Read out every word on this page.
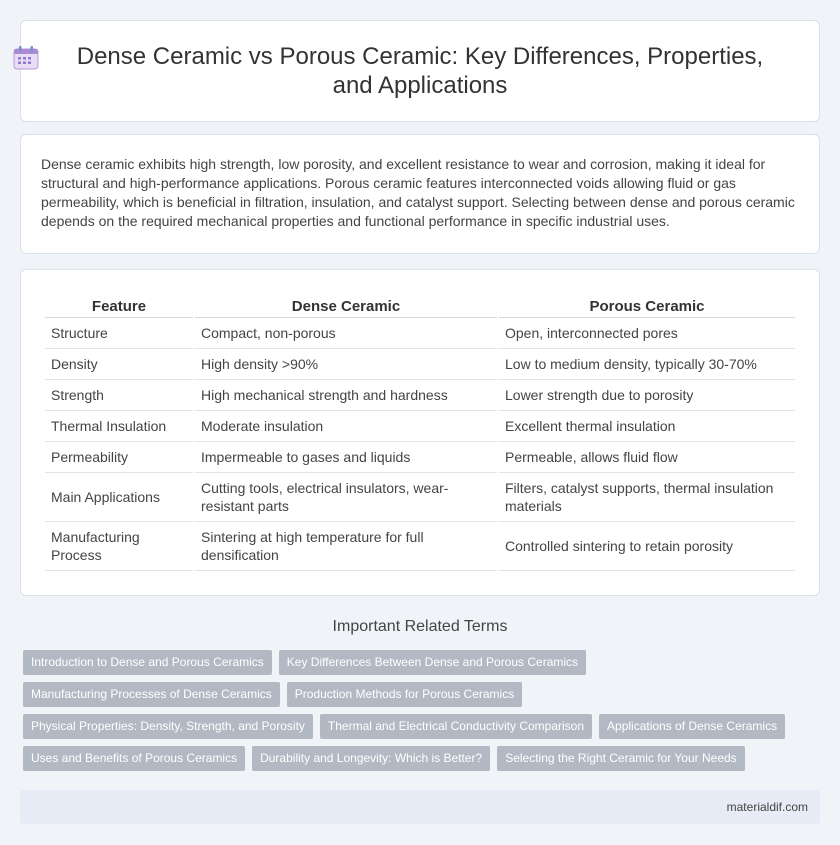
Dense Ceramic vs Porous Ceramic: Key Differences, Properties, and Applications

Dense ceramic exhibits high strength, low porosity, and excellent resistance to wear and corrosion, making it ideal for structural and high-performance applications. Porous ceramic features interconnected voids allowing fluid or gas permeability, which is beneficial in filtration, insulation, and catalyst support. Selecting between dense and porous ceramic depends on the required mechanical properties and functional performance in specific industrial uses.

Feature	Dense Ceramic	Porous Ceramic
Structure	Compact, non-porous	Open, interconnected pores
Density	High density >90%	Low to medium density, typically 30-70%
Strength	High mechanical strength and hardness	Lower strength due to porosity
Thermal Insulation	Moderate insulation	Excellent thermal insulation
Permeability	Impermeable to gases and liquids	Permeable, allows fluid flow
Main Applications	Cutting tools, electrical insulators, wear-resistant parts	Filters, catalyst supports, thermal insulation materials
Manufacturing Process	Sintering at high temperature for full densification	Controlled sintering to retain porosity
Important Related Terms
Introduction to Dense and Porous Ceramics	Key Differences Between Dense and Porous Ceramics
Manufacturing Processes of Dense Ceramics	Production Methods for Porous Ceramics
Physical Properties: Density, Strength, and Porosity	Thermal and Electrical Conductivity Comparison	Applications of Dense Ceramics
Uses and Benefits of Porous Ceramics	Durability and Longevity: Which is Better?	Selecting the Right Ceramic for Your Needs
materialdif.com
